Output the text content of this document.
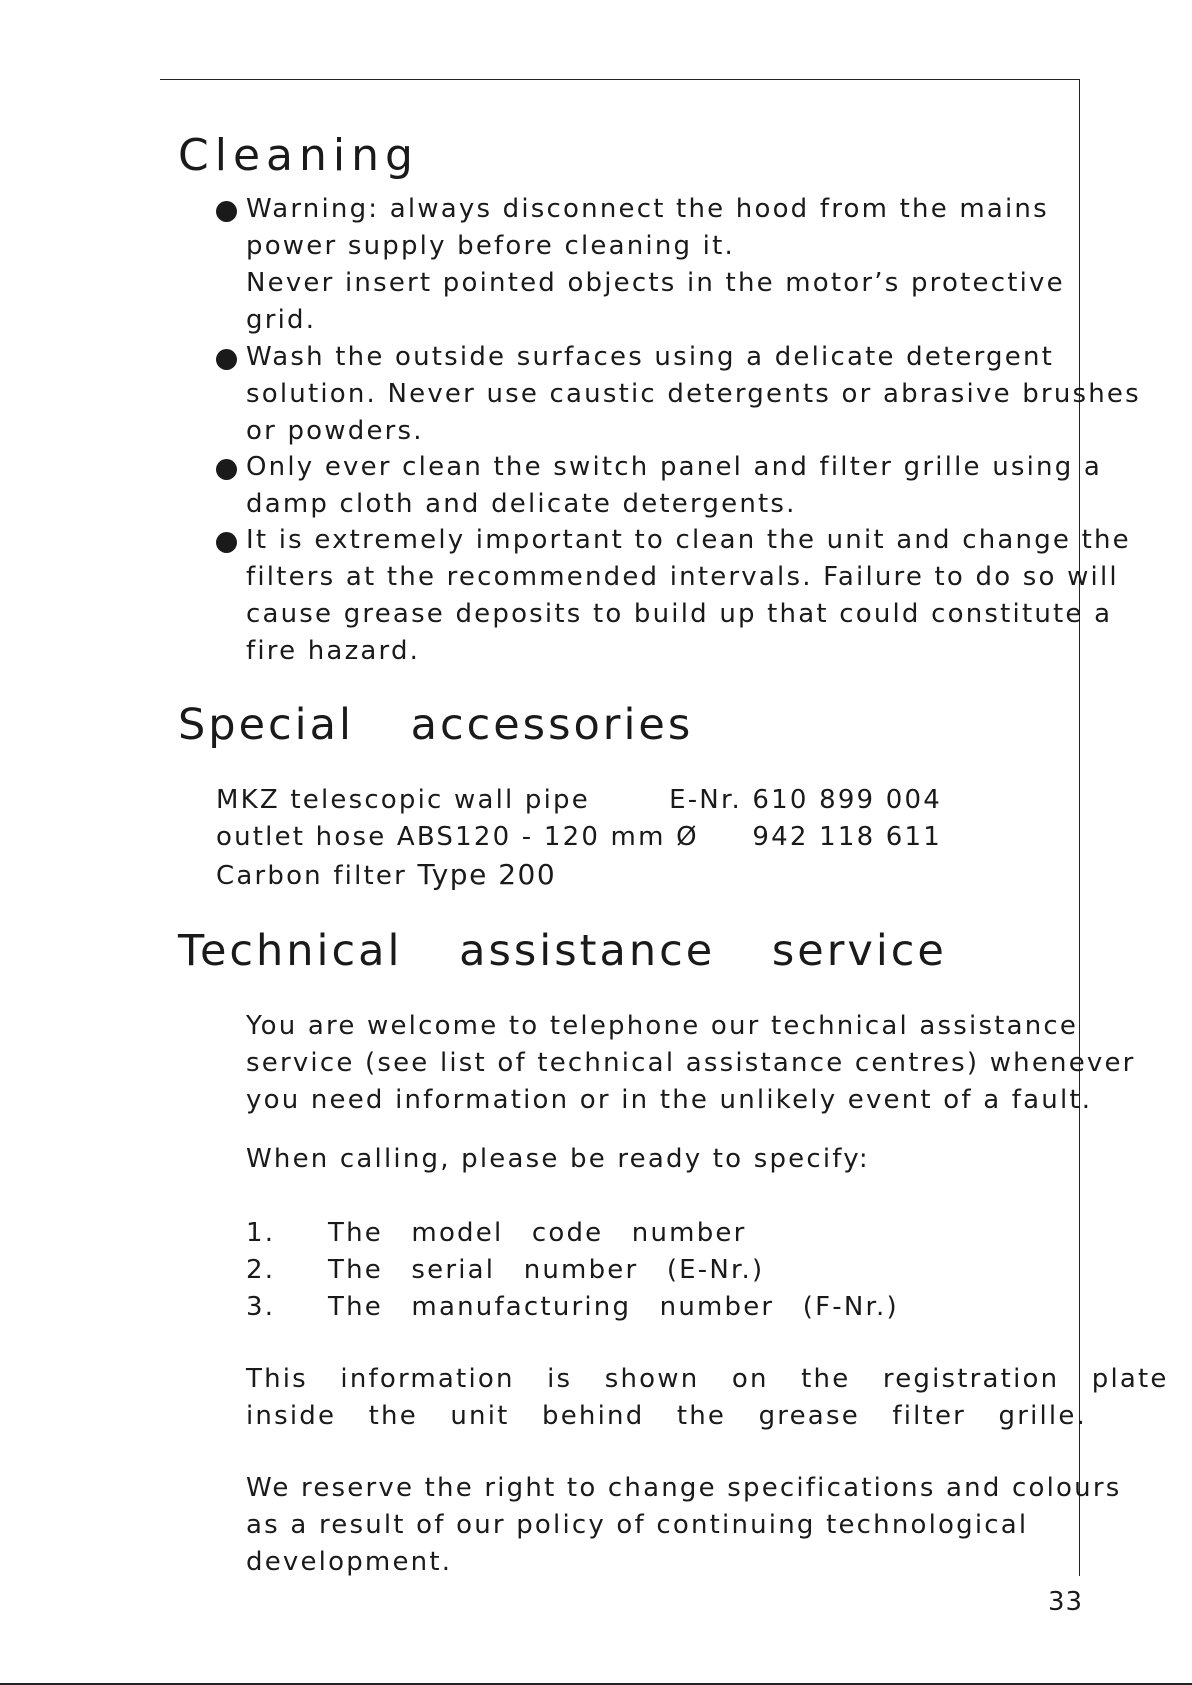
Cleaning
Warning: always disconnect the hood from the mains
power supply before cleaning it.
Never insert pointed objects in the motor’s protective
grid.
Wash the outside surfaces using a delicate detergent
solution. Never use caustic detergents or abrasive brushes
or powders.
Only ever clean the switch panel and filter grille using a
damp cloth and delicate detergents.
It is extremely important to clean the unit and change the
filters at the recommended intervals. Failure to do so will
cause grease deposits to build up that could constitute a
fire hazard.
Special accessories
MKZ telescopic wall pipe	E-Nr. 610 899 004
outlet hose ABS120 - 120 mm Ø 942 118 611
Carbon filter Type 200
Technical assistance service
You are welcome to telephone our technical assistance
service (see list of technical assistance centres) whenever
you need information or in the unlikely event of a fault.
When calling, please be ready to specify:
1. The model code number
2. The serial number (E-Nr.)
3. The manufacturing number (F-Nr.)
This information is shown on the registration plate
inside the unit behind the grease filter grille.
We reserve the right to change specifications and colours
as a result of our policy of continuing technological
development.
33
